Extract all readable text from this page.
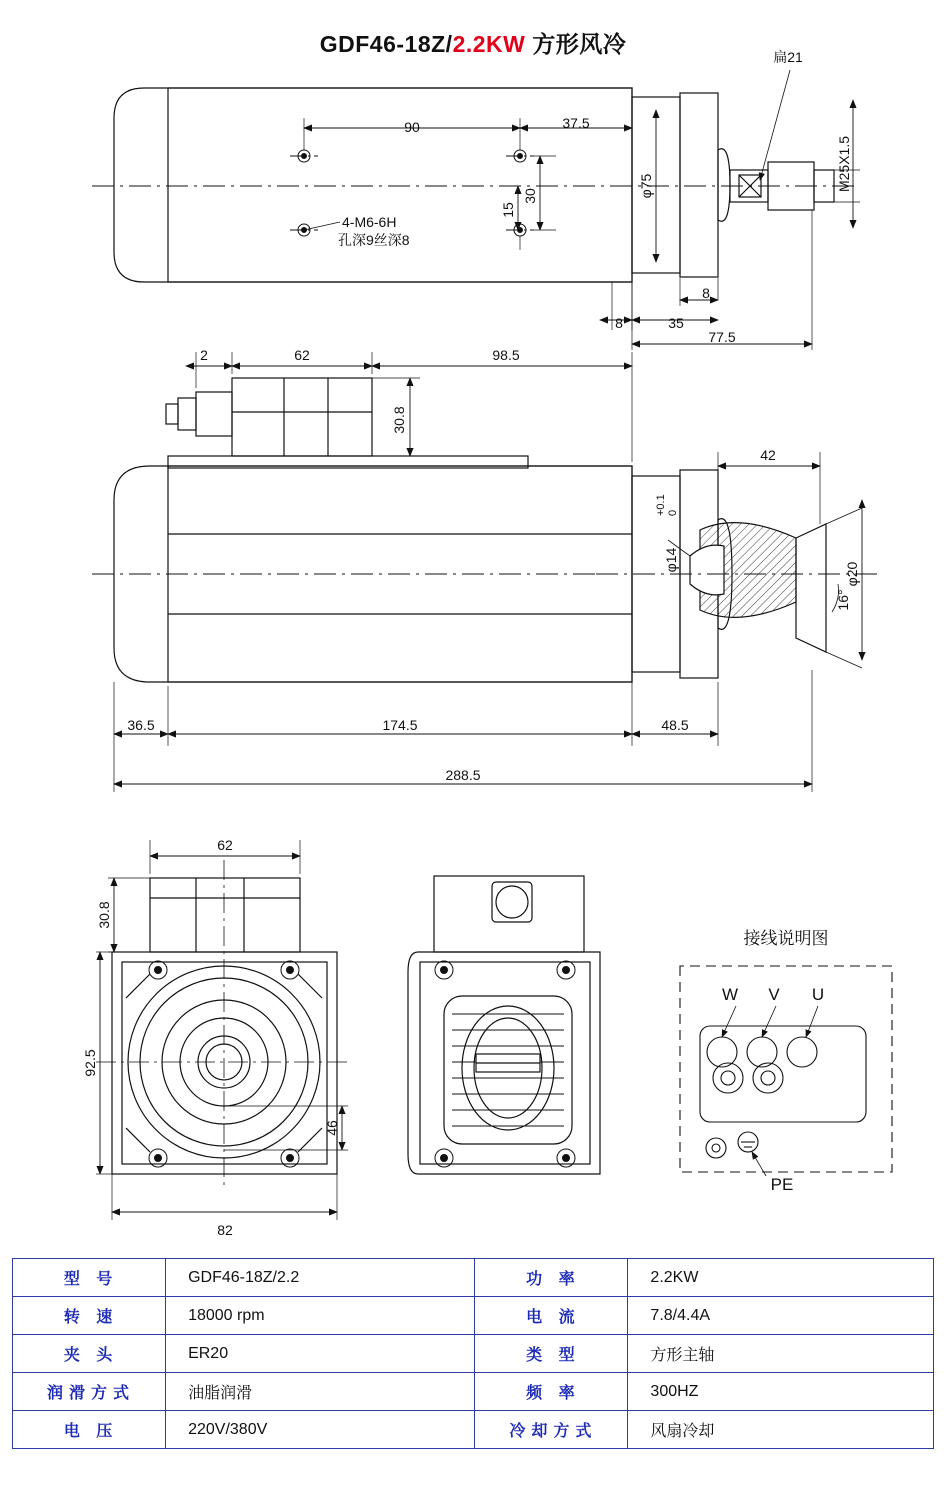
GDF46-18Z/2.2KW 方形风冷
90	37.5
15
30	φ75
8
8
35
77.5
4-M6-6H
孔深9丝深8
扁21
M25X1.5
2	62	98.5
30.8
42
φ20
φ14
+0.1 0
16°
36.5	174.5	48.5
288.5
62
30.8
92.5
46
82
接线说明图
W V U
PE
型 号	GDF46-18Z/2.2	功 率	2.2KW
转 速	18000 rpm	电 流	7.8/4.4A
夹 头	ER20	类 型	方形主轴
润滑方式	油脂润滑	频 率	300HZ
电 压	220V/380V	冷却方式	风扇冷却
